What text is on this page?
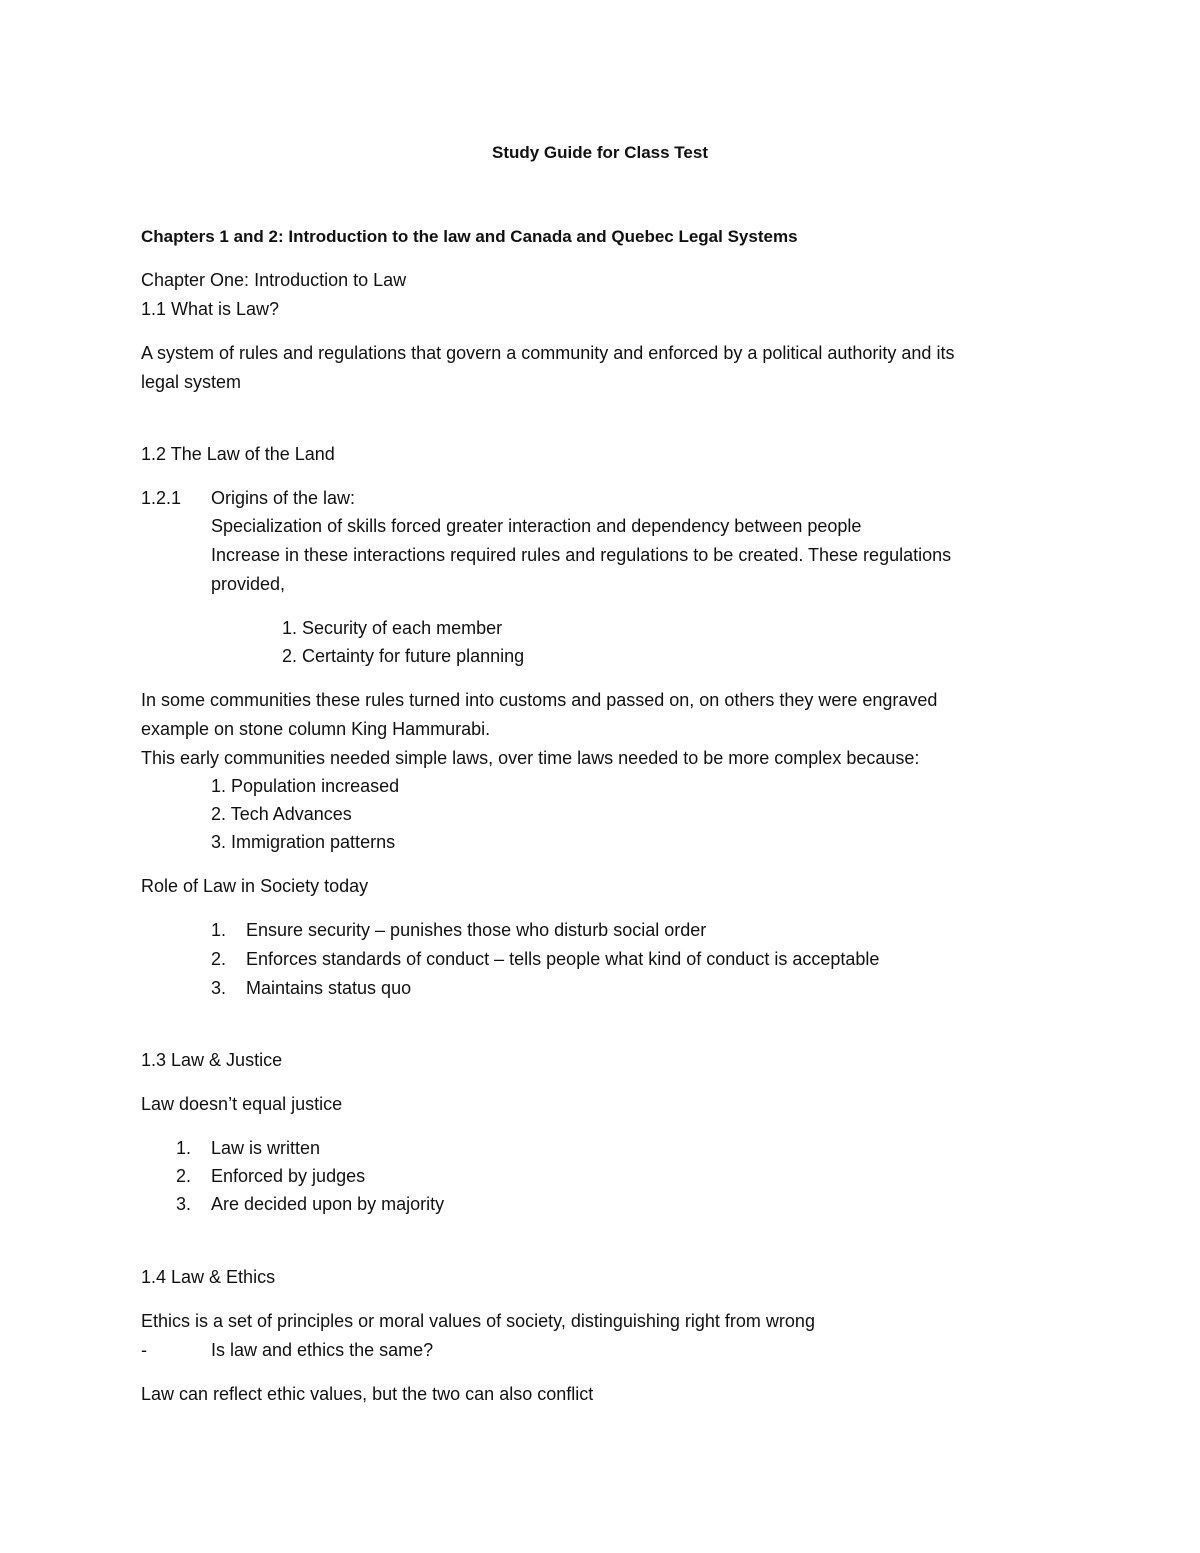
Study Guide for Class Test
Chapters 1 and 2: Introduction to the law and Canada and Quebec Legal Systems
Chapter One: Introduction to Law
1.1 What is Law?
A system of rules and regulations that govern a community and enforced by a political authority and its
legal system
1.2 The Law of the Land
1.2.1 Origins of the law:
Specialization of skills forced greater interaction and dependency between people
Increase in these interactions required rules and regulations to be created. These regulations
provided,
1. Security of each member
2. Certainty for future planning
In some communities these rules turned into customs and passed on, on others they were engraved
example on stone column King Hammurabi.
This early communities needed simple laws, over time laws needed to be more complex because:
1. Population increased
2. Tech Advances
3. Immigration patterns
Role of Law in Society today
1. Ensure security – punishes those who disturb social order
2. Enforces standards of conduct – tells people what kind of conduct is acceptable
3. Maintains status quo
1.3 Law & Justice
Law doesn’t equal justice
1. Law is written
2. Enforced by judges
3. Are decided upon by majority
1.4 Law & Ethics
Ethics is a set of principles or moral values of society, distinguishing right from wrong
-	Is law and ethics the same?
Law can reflect ethic values, but the two can also conflict
